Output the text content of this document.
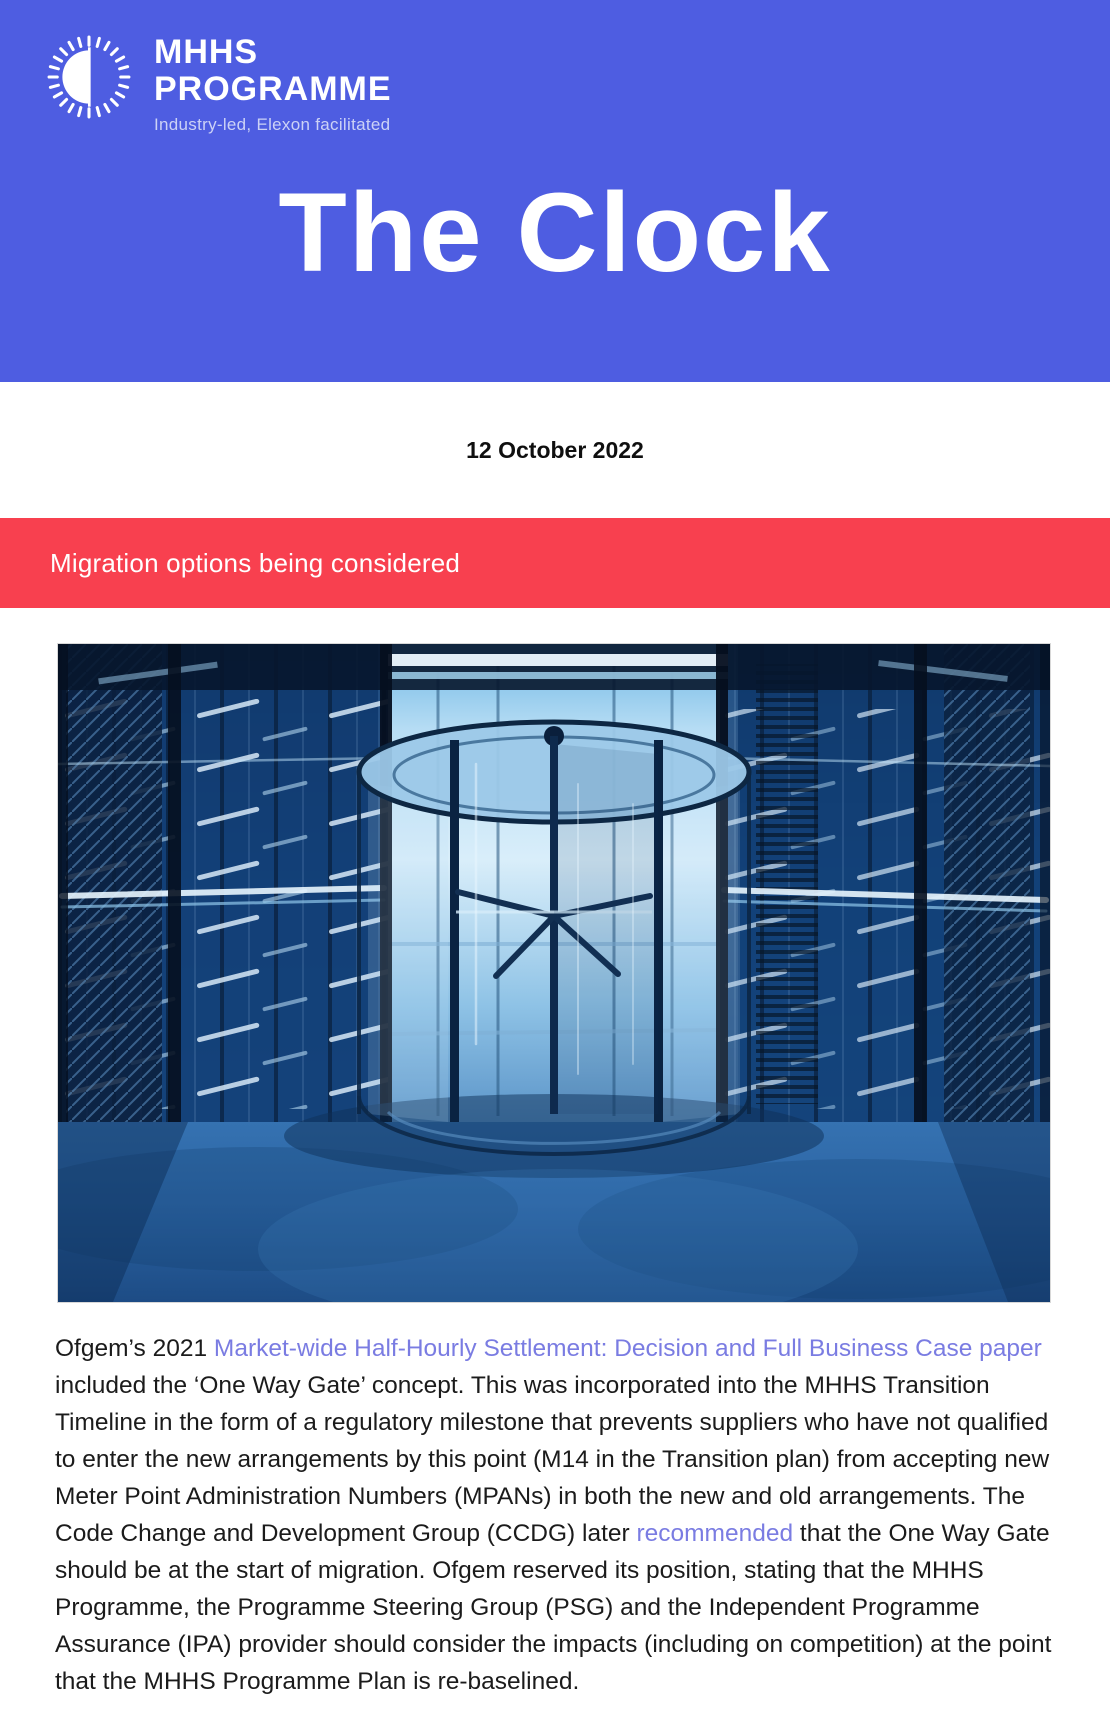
MHHS
PROGRAMME
Industry-led, Elexon facilitated
The Clock
12 October 2022
Migration options being considered
Ofgem’s 2021 Market-wide Half-Hourly Settlement: Decision and Full Business Case paper included the ‘One Way Gate’ concept. This was incorporated into the MHHS Transition Timeline in the form of a regulatory milestone that prevents suppliers who have not qualified to enter the new arrangements by this point (M14 in the Transition plan) from accepting new Meter Point Administration Numbers (MPANs) in both the new and old arrangements. The Code Change and Development Group (CCDG) later recommended that the One Way Gate should be at the start of migration. Ofgem reserved its position, stating that the MHHS Programme, the Programme Steering Group (PSG) and the Independent Programme Assurance (IPA) provider should consider the impacts (including on competition) at the point that the MHHS Programme Plan is re-baselined.
